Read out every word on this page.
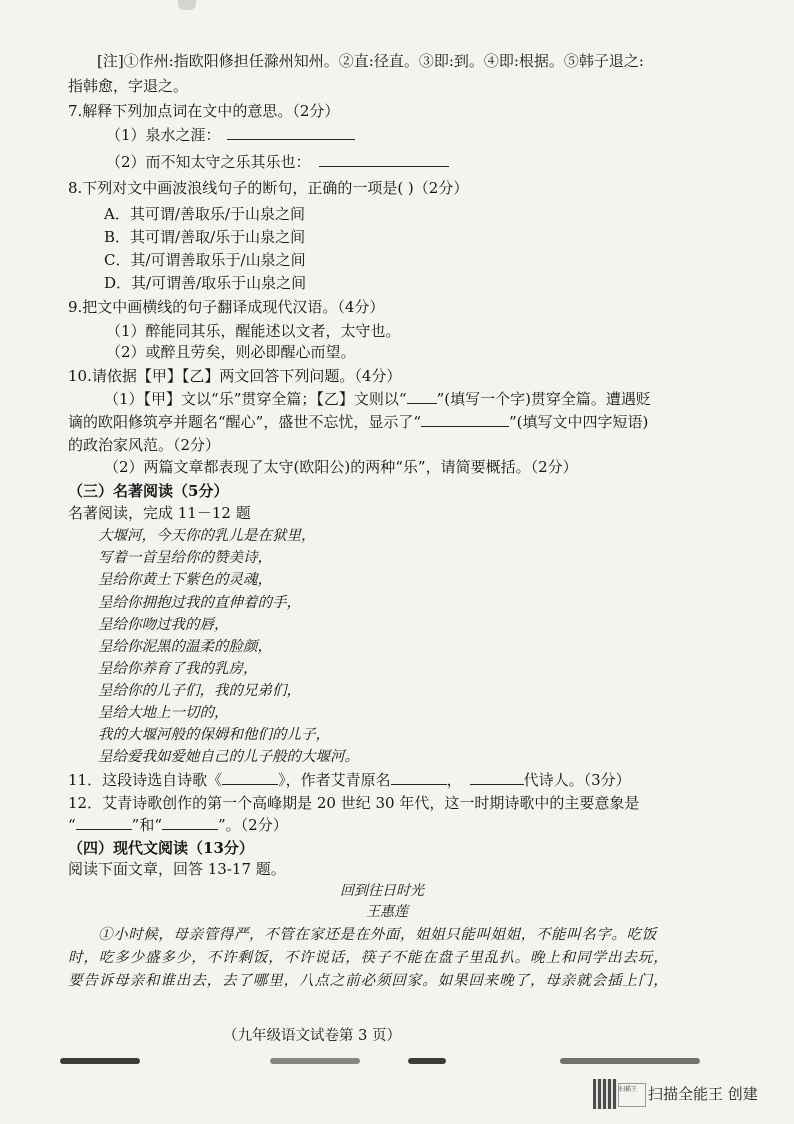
[注]①作州:指欧阳修担任滁州知州。②直:径直。③即:到。④即:根据。⑤韩子退之:
指韩愈，字退之。
7.解释下列加点词在文中的意思。（2分）
（1）泉水之涯：
（2）而不知太守之乐其乐也：
8.下列对文中画波浪线句子的断句，正确的一项是( )（2分）
A．其可谓/善取乐/于山泉之间
B．其可谓/善取/乐于山泉之间
C．其/可谓善取乐于/山泉之间
D．其/可谓善/取乐于山泉之间
9.把文中画横线的句子翻译成现代汉语。（4分）
（1）醉能同其乐，醒能述以文者，太守也。
（2）或醉且劳矣，则必即醒心而望。
10.请依据【甲】【乙】两文回答下列问题。（4分）
（1）【甲】文以“乐”贯穿全篇；【乙】文则以“ ”(填写一个字)贯穿全篇。遭遇贬
谪的欧阳修筑亭并题名“醒心”，盛世不忘忧，显示了“	”(填写文中四字短语)
的政治家风范。（2分）
（2）两篇文章都表现了太守(欧阳公)的两种“乐”，请简要概括。（2分）
（三）名著阅读（5分）
名著阅读，完成 11－12 题
大堰河，今天你的乳儿是在狱里，
写着一首呈给你的赞美诗，
呈给你黄土下紫色的灵魂，
呈给你拥抱过我的直伸着的手，
呈给你吻过我的唇，
呈给你泥黑的温柔的脸颜，
呈给你养育了我的乳房，
呈给你的儿子们，我的兄弟们，
呈给大地上一切的，
我的大堰河般的保姆和他们的儿子，
呈给爱我如爱她自己的儿子般的大堰河。
11．这段诗选自诗歌《	》，作者艾青原名	，	代诗人。（3分）
12．艾青诗歌创作的第一个高峰期是 20 世纪 30 年代，这一时期诗歌中的主要意象是
“	”和“	”。（2分）
（四）现代文阅读（13分）
阅读下面文章，回答 13-17 题。
回到往日时光
王惠莲
①小时候，母亲管得严，不管在家还是在外面，姐姐只能叫姐姐，不能叫名字。吃饭
时，吃多少盛多少，不许剩饭，不许说话，筷子不能在盘子里乱扒。晚上和同学出去玩，
要告诉母亲和谁出去，去了哪里，八点之前必须回家。如果回来晚了，母亲就会插上门，
（九年级语文试卷第 3 页）
扫描王 扫描全能王 创建
